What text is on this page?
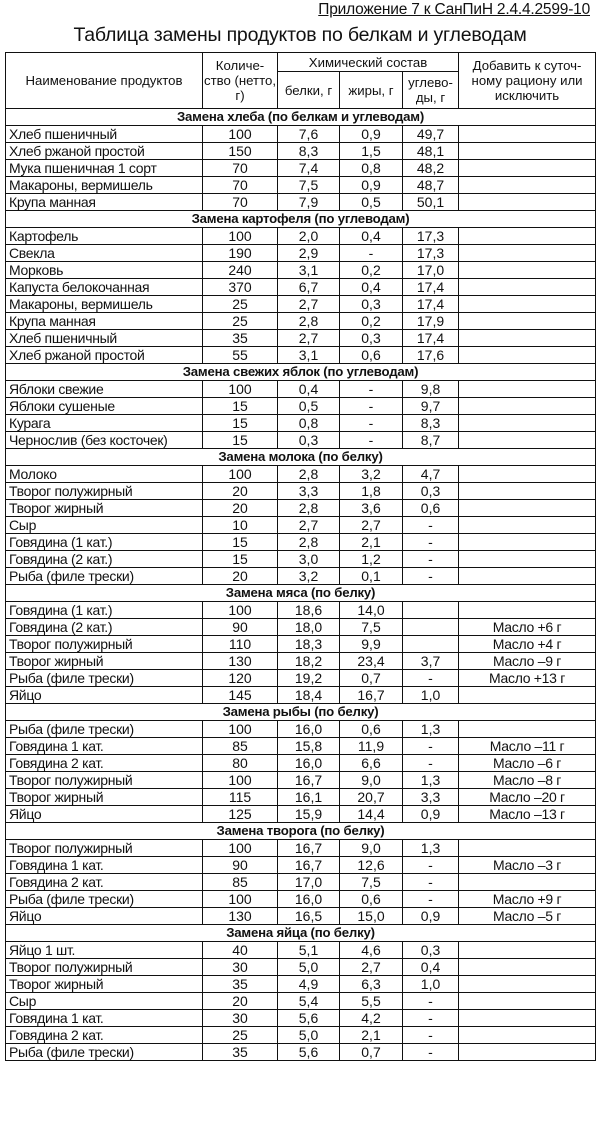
Приложение 7 к СанПиН 2.4.4.2599-10
Таблица замены продуктов по белкам и углеводам
Наименование продуктов	Количе-ство (нетто, г)	Химический состав			Добавить к суточ-ному рациону или исключить
		белки, г	жиры, г	углево-ды, г	
Замена хлеба (по белкам и углеводам)					
Хлеб пшеничный	100	7,6	0,9	49,7	
Хлеб ржаной простой	150	8,3	1,5	48,1	
Мука пшеничная 1 сорт	70	7,4	0,8	48,2	
Макароны, вермишель	70	7,5	0,9	48,7	
Крупа манная	70	7,9	0,5	50,1	
Замена картофеля (по углеводам)					
Картофель	100	2,0	0,4	17,3	
Свекла	190	2,9	-	17,3	
Морковь	240	3,1	0,2	17,0	
Капуста белокочанная	370	6,7	0,4	17,4	
Макароны, вермишель	25	2,7	0,3	17,4	
Крупа манная	25	2,8	0,2	17,9	
Хлеб пшеничный	35	2,7	0,3	17,4	
Хлеб ржаной простой	55	3,1	0,6	17,6	
Замена свежих яблок (по углеводам)					
Яблоки свежие	100	0,4	-	9,8	
Яблоки сушеные	15	0,5	-	9,7	
Курага	15	0,8	-	8,3	
Чернослив (без косточек)	15	0,3	-	8,7	
Замена молока (по белку)					
Молоко	100	2,8	3,2	4,7	
Творог полужирный	20	3,3	1,8	0,3	
Творог жирный	20	2,8	3,6	0,6	
Сыр	10	2,7	2,7	-	
Говядина (1 кат.)	15	2,8	2,1	-	
Говядина (2 кат.)	15	3,0	1,2	-	
Рыба (филе трески)	20	3,2	0,1	-	
Замена мяса (по белку)					
Говядина (1 кат.)	100	18,6	14,0		
Говядина (2 кат.)	90	18,0	7,5		Масло +6 г
Творог полужирный	110	18,3	9,9		Масло +4 г
Творог жирный	130	18,2	23,4	3,7	Масло –9 г
Рыба (филе трески)	120	19,2	0,7	-	Масло +13 г
Яйцо	145	18,4	16,7	1,0	
Замена рыбы (по белку)					
Рыба (филе трески)	100	16,0	0,6	1,3	
Говядина 1 кат.	85	15,8	11,9	-	Масло –11 г
Говядина 2 кат.	80	16,0	6,6	-	Масло –6 г
Творог полужирный	100	16,7	9,0	1,3	Масло –8 г
Творог жирный	115	16,1	20,7	3,3	Масло –20 г
Яйцо	125	15,9	14,4	0,9	Масло –13 г
Замена творога (по белку)					
Творог полужирный	100	16,7	9,0	1,3	
Говядина 1 кат.	90	16,7	12,6	-	Масло –3 г
Говядина 2 кат.	85	17,0	7,5	-	
Рыба (филе трески)	100	16,0	0,6	-	Масло +9 г
Яйцо	130	16,5	15,0	0,9	Масло –5 г
Замена яйца (по белку)					
Яйцо 1 шт.	40	5,1	4,6	0,3	
Творог полужирный	30	5,0	2,7	0,4	
Творог жирный	35	4,9	6,3	1,0	
Сыр	20	5,4	5,5	-	
Говядина 1 кат.	30	5,6	4,2	-	
Говядина 2 кат.	25	5,0	2,1	-	
Рыба (филе трески)	35	5,6	0,7	-	
